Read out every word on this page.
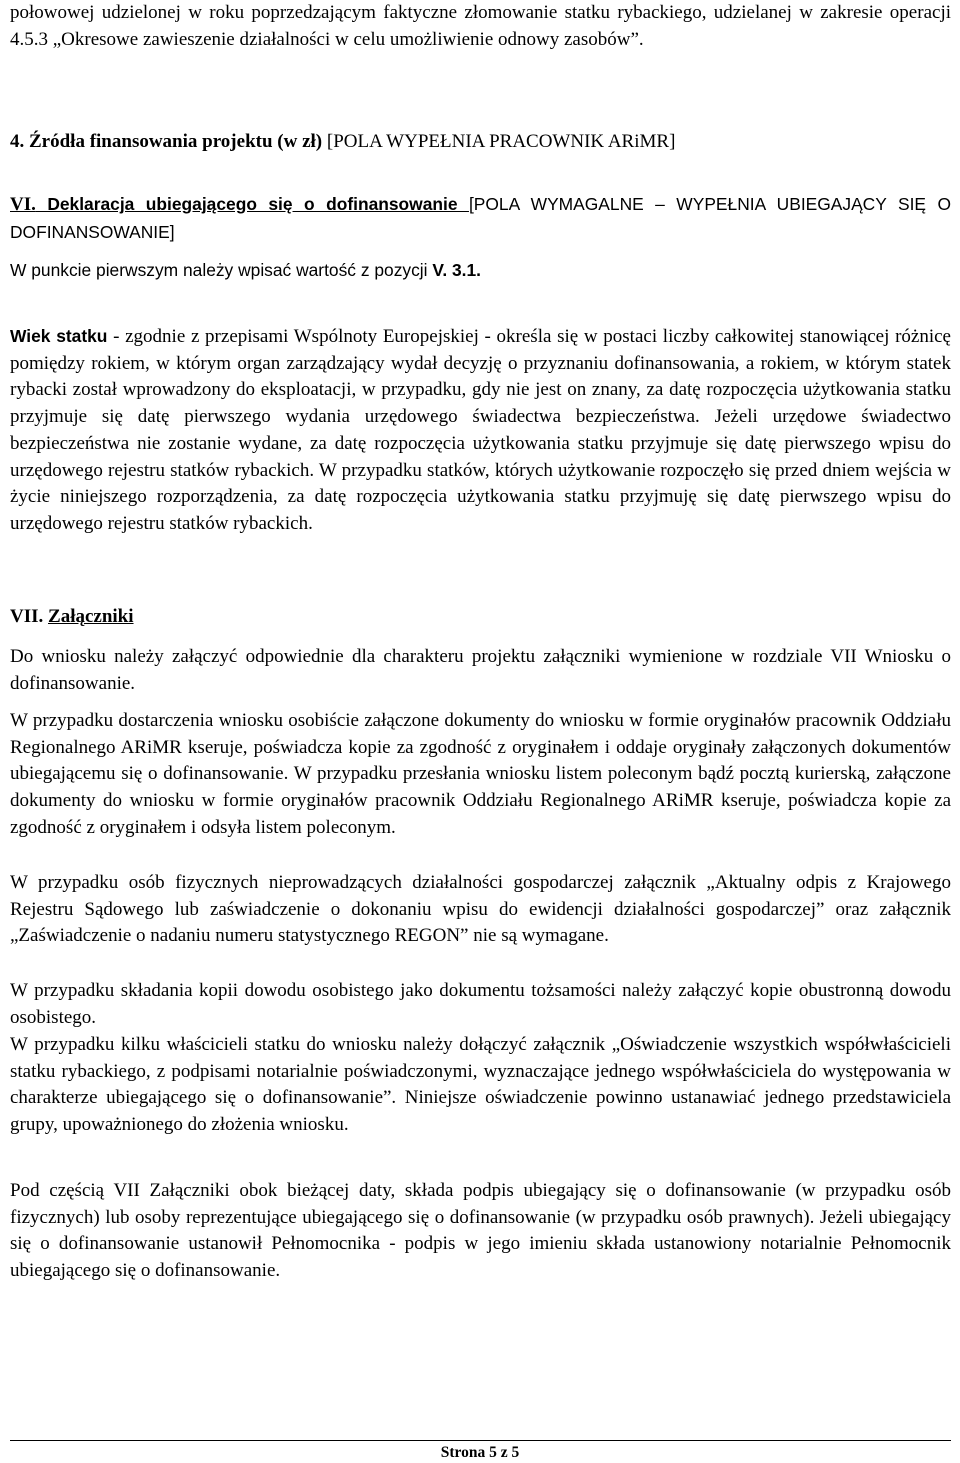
połowowej udzielonej w roku poprzedzającym faktyczne złomowanie statku rybackiego, udzielanej w zakresie operacji 4.5.3 „Okresowe zawieszenie działalności w celu umożliwienie odnowy zasobów”.

4. Źródła finansowania projektu (w zł) [POLA WYPEŁNIA PRACOWNIK ARiMR]

VI. Deklaracja ubiegającego się o dofinansowanie [POLA WYMAGALNE – WYPEŁNIA UBIEGAJĄCY SIĘ O DOFINANSOWANIE]

W punkcie pierwszym należy wpisać wartość z pozycji V. 3.1.

Wiek statku - zgodnie z przepisami Wspólnoty Europejskiej - określa się w postaci liczby całkowitej stanowiącej różnicę pomiędzy rokiem, w którym organ zarządzający wydał decyzję o przyznaniu dofinansowania, a rokiem, w którym statek rybacki został wprowadzony do eksploatacji, w przypadku, gdy nie jest on znany, za datę rozpoczęcia użytkowania statku przyjmuje się datę pierwszego wydania urzędowego świadectwa bezpieczeństwa. Jeżeli urzędowe świadectwo bezpieczeństwa nie zostanie wydane, za datę rozpoczęcia użytkowania statku przyjmuje się datę pierwszego wpisu do urzędowego rejestru statków rybackich. W przypadku statków, których użytkowanie rozpoczęło się przed dniem wejścia w życie niniejszego rozporządzenia, za datę rozpoczęcia użytkowania statku przyjmuję się datę pierwszego wpisu do urzędowego rejestru statków rybackich.

VII. Załączniki

Do wniosku należy załączyć odpowiednie dla charakteru projektu załączniki wymienione w rozdziale VII Wniosku o dofinansowanie.

W przypadku dostarczenia wniosku osobiście załączone dokumenty do wniosku w formie oryginałów pracownik Oddziału Regionalnego ARiMR kseruje, poświadcza kopie za zgodność z oryginałem i oddaje oryginały załączonych dokumentów ubiegającemu się o dofinansowanie. W przypadku przesłania wniosku listem poleconym bądź pocztą kurierską, załączone dokumenty do wniosku w formie oryginałów pracownik Oddziału Regionalnego ARiMR kseruje, poświadcza kopie za zgodność z oryginałem i odsyła listem poleconym.

W przypadku osób fizycznych nieprowadzących działalności gospodarczej załącznik „Aktualny odpis z Krajowego Rejestru Sądowego lub zaświadczenie o dokonaniu wpisu do ewidencji działalności gospodarczej” oraz załącznik „Zaświadczenie o nadaniu numeru statystycznego REGON” nie są wymagane.

W przypadku składania kopii dowodu osobistego jako dokumentu tożsamości należy załączyć kopie obustronną dowodu osobistego.

W przypadku kilku właścicieli statku do wniosku należy dołączyć załącznik „Oświadczenie wszystkich współwłaścicieli statku rybackiego, z podpisami notarialnie poświadczonymi, wyznaczające jednego współwłaściciela do występowania w charakterze ubiegającego się o dofinansowanie”. Niniejsze oświadczenie powinno ustanawiać jednego przedstawiciela grupy, upoważnionego do złożenia wniosku.

Pod częścią VII Załączniki obok bieżącej daty, składa podpis ubiegający się o dofinansowanie (w przypadku osób fizycznych) lub osoby reprezentujące ubiegającego się o dofinansowanie (w przypadku osób prawnych). Jeżeli ubiegający się o dofinansowanie ustanowił Pełnomocnika - podpis w jego imieniu składa ustanowiony notarialnie Pełnomocnik ubiegającego się o dofinansowanie.

Strona 5 z 5
